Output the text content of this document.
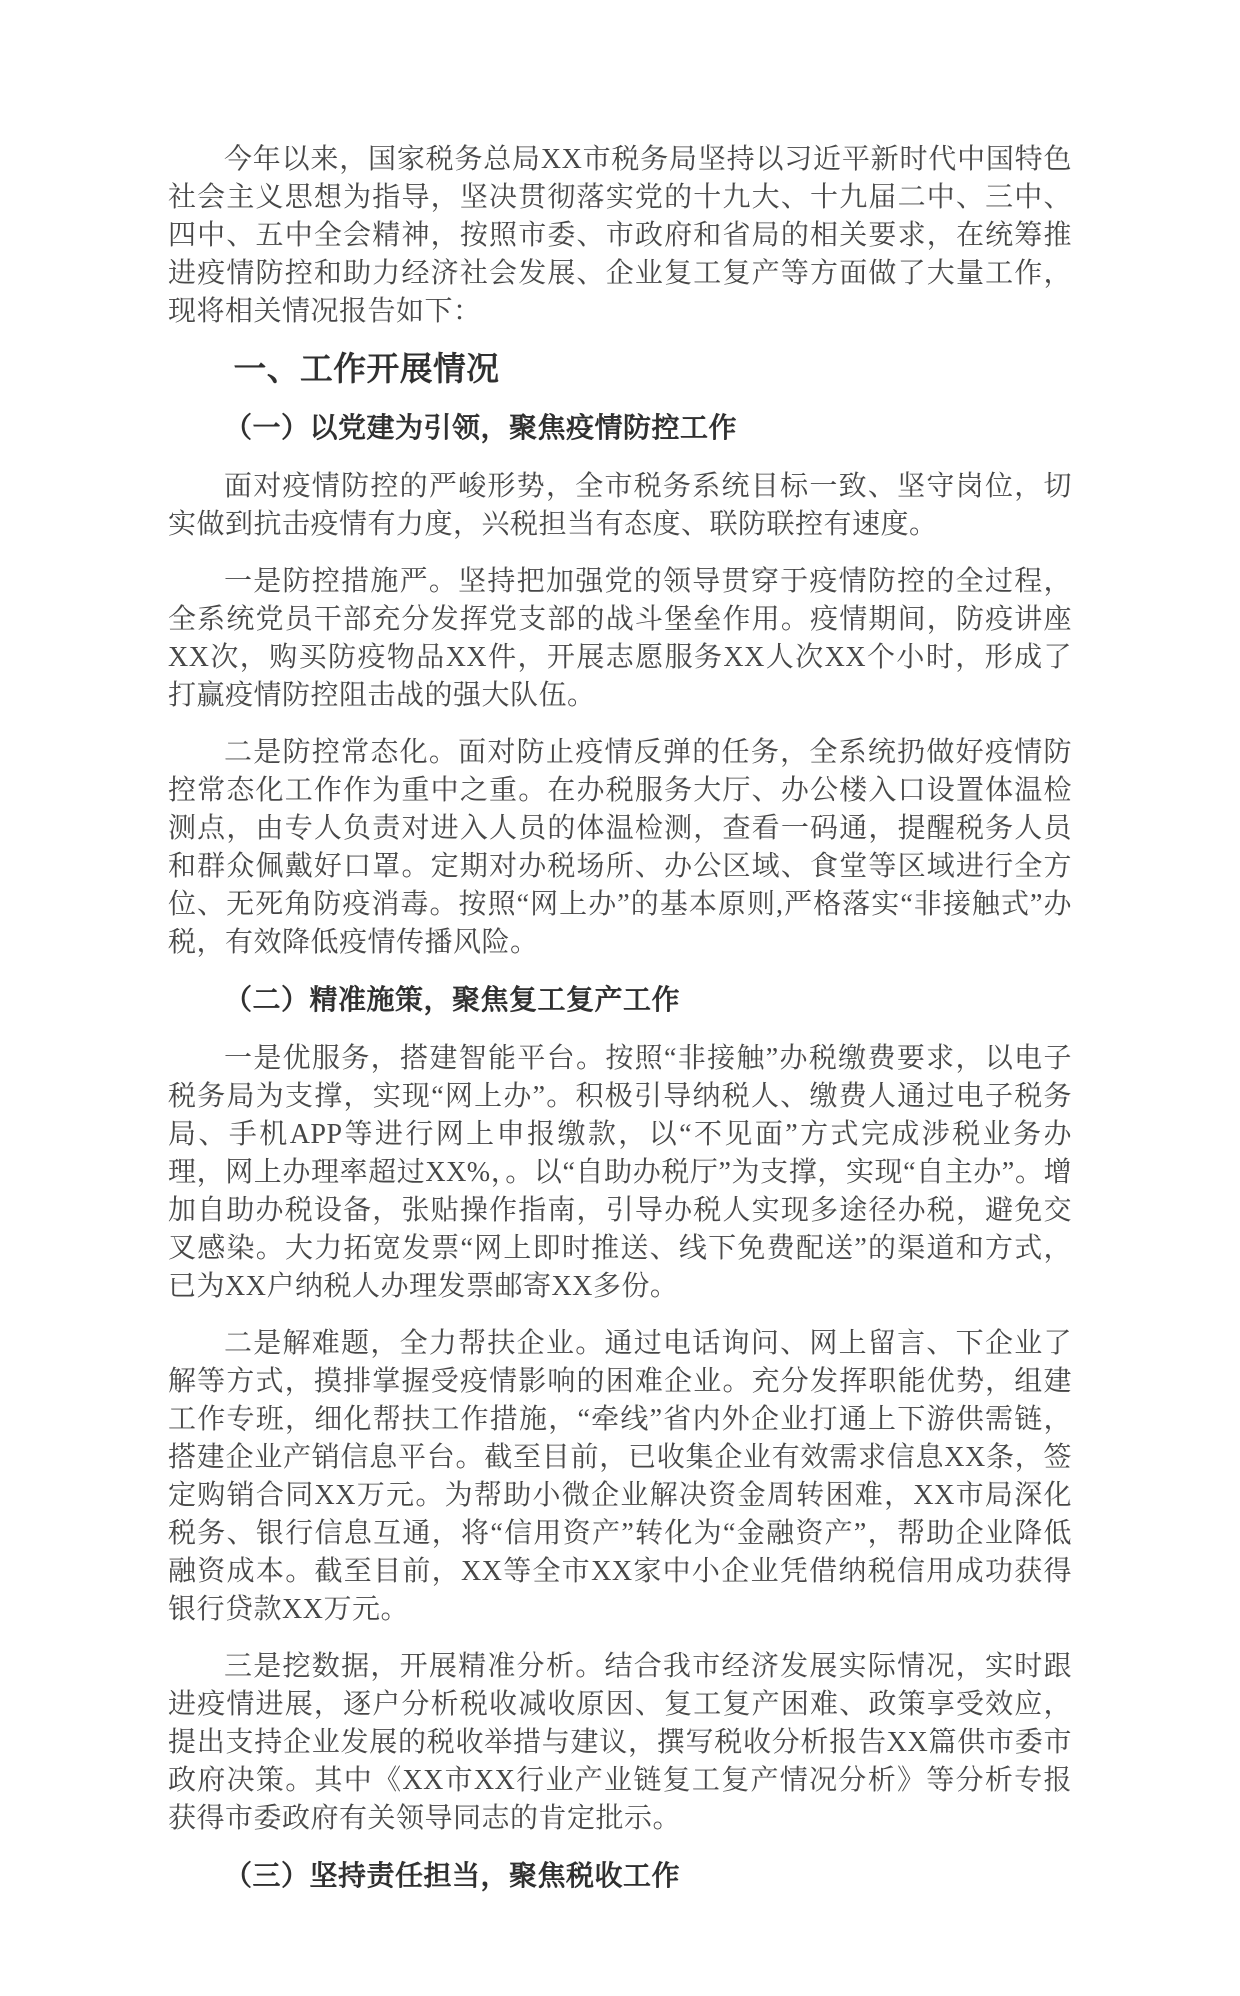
今年以来，国家税务总局XX市税务局坚持以习近平新时代中国特色社会主义思想为指导，坚决贯彻落实党的十九大、十九届二中、三中、四中、五中全会精神，按照市委、市政府和省局的相关要求，在统筹推进疫情防控和助力经济社会发展、企业复工复产等方面做了大量工作，现将相关情况报告如下：

一、工作开展情况
（一）以党建为引领，聚焦疫情防控工作

面对疫情防控的严峻形势，全市税务系统目标一致、坚守岗位，切实做到抗击疫情有力度，兴税担当有态度、联防联控有速度。

一是防控措施严。坚持把加强党的领导贯穿于疫情防控的全过程，全系统党员干部充分发挥党支部的战斗堡垒作用。疫情期间，防疫讲座XX次，购买防疫物品XX件，开展志愿服务XX人次XX个小时，形成了打赢疫情防控阻击战的强大队伍。

二是防控常态化。面对防止疫情反弹的任务，全系统扔做好疫情防控常态化工作作为重中之重。在办税服务大厅、办公楼入口设置体温检测点，由专人负责对进入人员的体温检测，查看一码通，提醒税务人员和群众佩戴好口罩。定期对办税场所、办公区域、食堂等区域进行全方位、无死角防疫消毒。按照“网上办”的基本原则,严格落实“非接触式”办税，有效降低疫情传播风险。

（二）精准施策，聚焦复工复产工作

一是优服务，搭建智能平台。按照“非接触”办税缴费要求，以电子税务局为支撑，实现“网上办”。积极引导纳税人、缴费人通过电子税务局、手机APP等进行网上申报缴款，以“不见面”方式完成涉税业务办理，网上办理率超过XX%，。以“自助办税厅”为支撑，实现“自主办”。增加自助办税设备，张贴操作指南，引导办税人实现多途径办税，避免交叉感染。大力拓宽发票“网上即时推送、线下免费配送”的渠道和方式，已为XX户纳税人办理发票邮寄XX多份。

二是解难题，全力帮扶企业。通过电话询问、网上留言、下企业了解等方式，摸排掌握受疫情影响的困难企业。充分发挥职能优势，组建工作专班，细化帮扶工作措施，“牵线”省内外企业打通上下游供需链，搭建企业产销信息平台。截至目前，已收集企业有效需求信息XX条，签定购销合同XX万元。为帮助小微企业解决资金周转困难，XX市局深化税务、银行信息互通，将“信用资产”转化为“金融资产”，帮助企业降低融资成本。截至目前，XX等全市XX家中小企业凭借纳税信用成功获得银行贷款XX万元。

三是挖数据，开展精准分析。结合我市经济发展实际情况，实时跟进疫情进展，逐户分析税收减收原因、复工复产困难、政策享受效应，提出支持企业发展的税收举措与建议，撰写税收分析报告XX篇供市委市政府决策。其中《XX市XX行业产业链复工复产情况分析》等分析专报获得市委政府有关领导同志的肯定批示。

（三）坚持责任担当，聚焦税收工作
